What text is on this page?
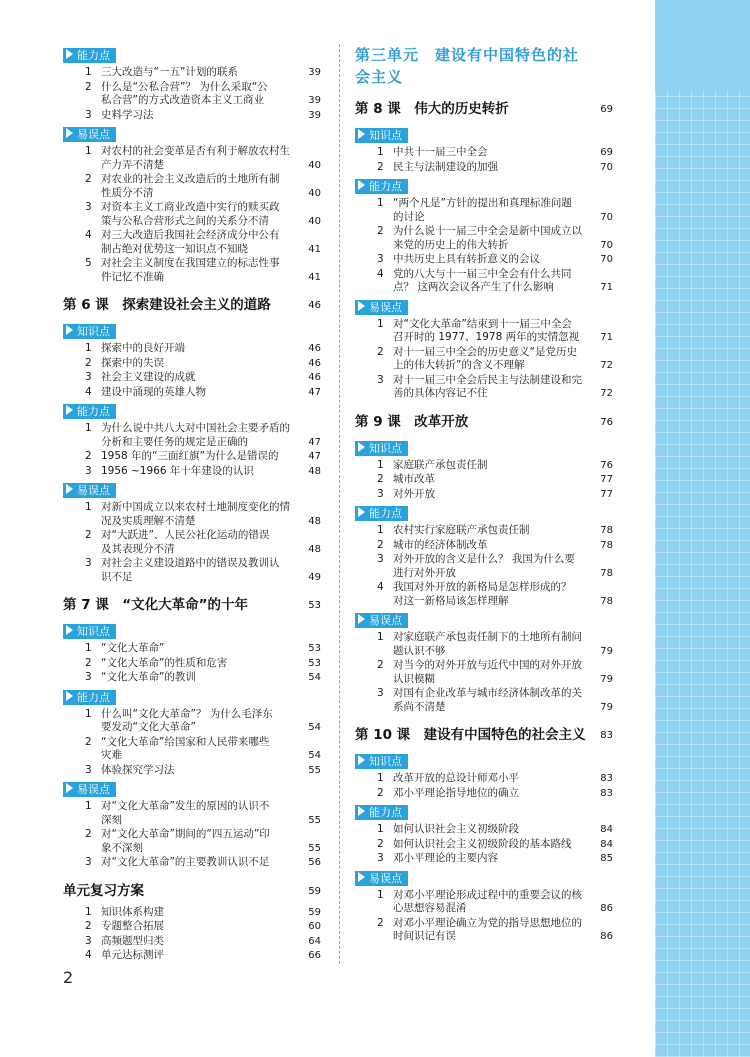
能力点
1 三大改造与“一五”计划的联系	39
2 什么是“公私合营”？ 为什么采取“公
私合营”的方式改造资本主义工商业	39
3 史料学习法	39
易误点
1 对农村的社会变革是否有利于解放农村生
产力弄不清楚	40
2 对农业的社会主义改造后的土地所有制
性质分不清	40
3 对资本主义工商业改造中实行的赎买政
策与公私合营形式之间的关系分不清	40
4 对三大改造后我国社会经济成分中公有
制占绝对优势这一知识点不知晓	41
5 对社会主义制度在我国建立的标志性事
件记忆不准确	41
第 6 课　探索建设社会主义的道路	46
知识点
1 探索中的良好开端	46
2 探索中的失误	46
3 社会主义建设的成就	46
4 建设中涌现的英雄人物	47
能力点
1 为什么说中共八大对中国社会主要矛盾的
分析和主要任务的规定是正确的	47
2 1958 年的“三面红旗”为什么是错误的	47
3 1956 ~1966 年十年建设的认识	48
易误点
1 对新中国成立以来农村土地制度变化的情
况及实质理解不清楚	48
2 对“大跃进”、人民公社化运动的错误
及其表现分不清	48
3 对社会主义建设道路中的错误及教训认
识不足	49
第 7 课　“文化大革命”的十年	53
知识点
1 “文化大革命”	53
2 “文化大革命”的性质和危害	53
3 “文化大革命”的教训	54
能力点
1 什么叫“文化大革命”？ 为什么毛泽东
要发动“文化大革命”	54
2 “文化大革命”给国家和人民带来哪些
灾难	54
3 体验探究学习法	55
易误点
1 对“文化大革命”发生的原因的认识不
深刻	55
2 对“文化大革命”期间的“四五运动”印
象不深刻	55
3 对“文化大革命”的主要教训认识不足	56
单元复习方案	59
1 知识体系构建	59
2 专题整合拓展	60
3 高频题型归类	64
4 单元达标测评	66
第三单元　建设有中国特色的社
会主义
第 8 课　伟大的历史转折	69
知识点
1 中共十一届三中全会	69
2 民主与法制建设的加强	70
能力点
1 “两个凡是”方针的提出和真理标准问题
的讨论	70
2 为什么说十一届三中全会是新中国成立以
来党的历史上的伟大转折	70
3 中共历史上具有转折意义的会议	70
4 党的八大与十一届三中全会有什么共同
点？ 这两次会议各产生了什么影响	71
易误点
1 对“文化大革命”结束到十一届三中全会
召开时的 1977、1978 两年的实情忽视	71
2 对十一届三中全会的历史意义“是党历史
上的伟大转折”的含义不理解	72
3 对十一届三中全会后民主与法制建设和完
善的具体内容记不住	72
第 9 课　改革开放	76
知识点
1 家庭联产承包责任制	76
2 城市改革	77
3 对外开放	77
能力点
1 农村实行家庭联产承包责任制	78
2 城市的经济体制改革	78
3 对外开放的含义是什么？ 我国为什么要
进行对外开放	78
4 我国对外开放的新格局是怎样形成的？
对这一新格局该怎样理解	78
易误点
1 对家庭联产承包责任制下的土地所有制问
题认识不够	79
2 对当今的对外开放与近代中国的对外开放
认识模糊	79
3 对国有企业改革与城市经济体制改革的关
系尚不清楚	79
第 10 课　建设有中国特色的社会主义 83
知识点
1 改革开放的总设计师邓小平	83
2 邓小平理论指导地位的确立	83
能力点
1 如何认识社会主义初级阶段	84
2 如何认识社会主义初级阶段的基本路线	84
3 邓小平理论的主要内容	85
易误点
1 对邓小平理论形成过程中的重要会议的核
心思想容易混淆	86
2 对邓小平理论确立为党的指导思想地位的
时间识记有误	86
2
